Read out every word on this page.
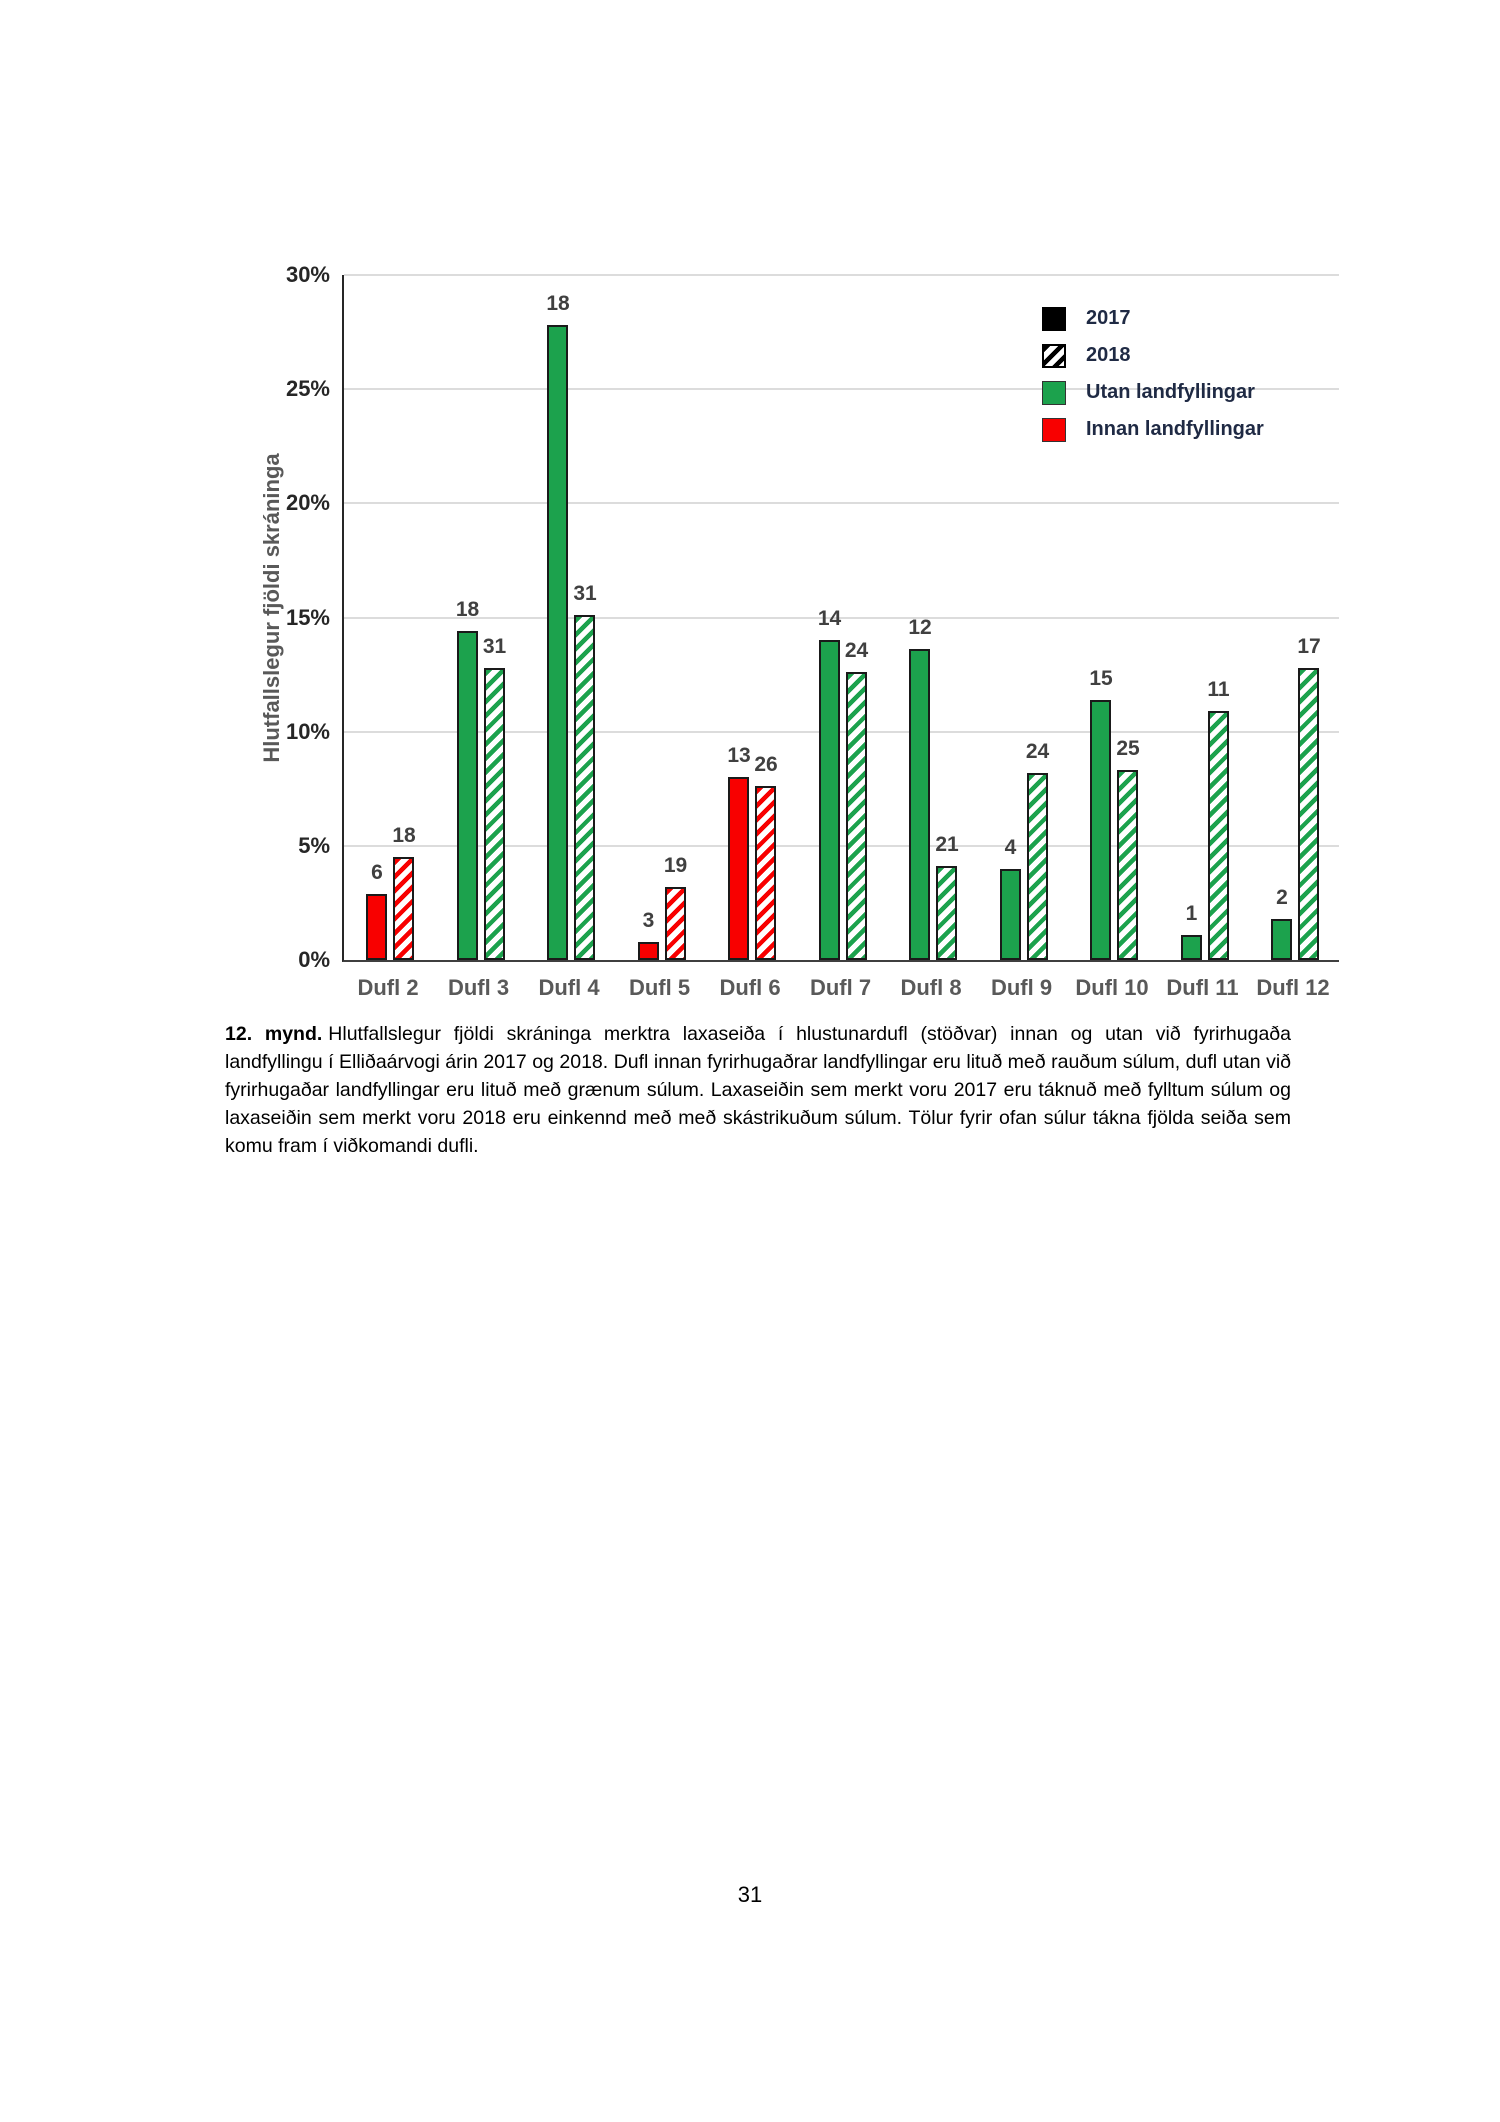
Hlutfallslegur fjöldi skráninga
6
18
18
31
18
31
3
19
13 26
14
24
12
21	4
24
15
25
1
11
2
17
0%
5%
10%
15%
20%
25%
30%
Dufl 2	Dufl 3	Dufl 4	Dufl 5	Dufl 6	Dufl 7	Dufl 8	Dufl 9	Dufl 10 Dufl 11 Dufl 12
2017
2018
Utan landfyllingar
Innan landfyllingar
12. mynd. Hlutfallslegur fjöldi skráninga merktra laxaseiða í hlustunardufl (stöðvar) innan og utan við fyrirhugaða landfyllingu í Elliðaárvogi árin 2017 og 2018. Dufl innan fyrirhugaðrar landfyllingar eru lituð með rauðum súlum, dufl utan við fyrirhugaðar landfyllingar eru lituð með grænum súlum. Laxaseiðin sem merkt voru 2017 eru táknuð með fylltum súlum og laxaseiðin sem merkt voru 2018 eru einkennd með með skástrikuðum súlum. Tölur fyrir ofan súlur tákna fjölda seiða sem komu fram í viðkomandi dufli.
31
